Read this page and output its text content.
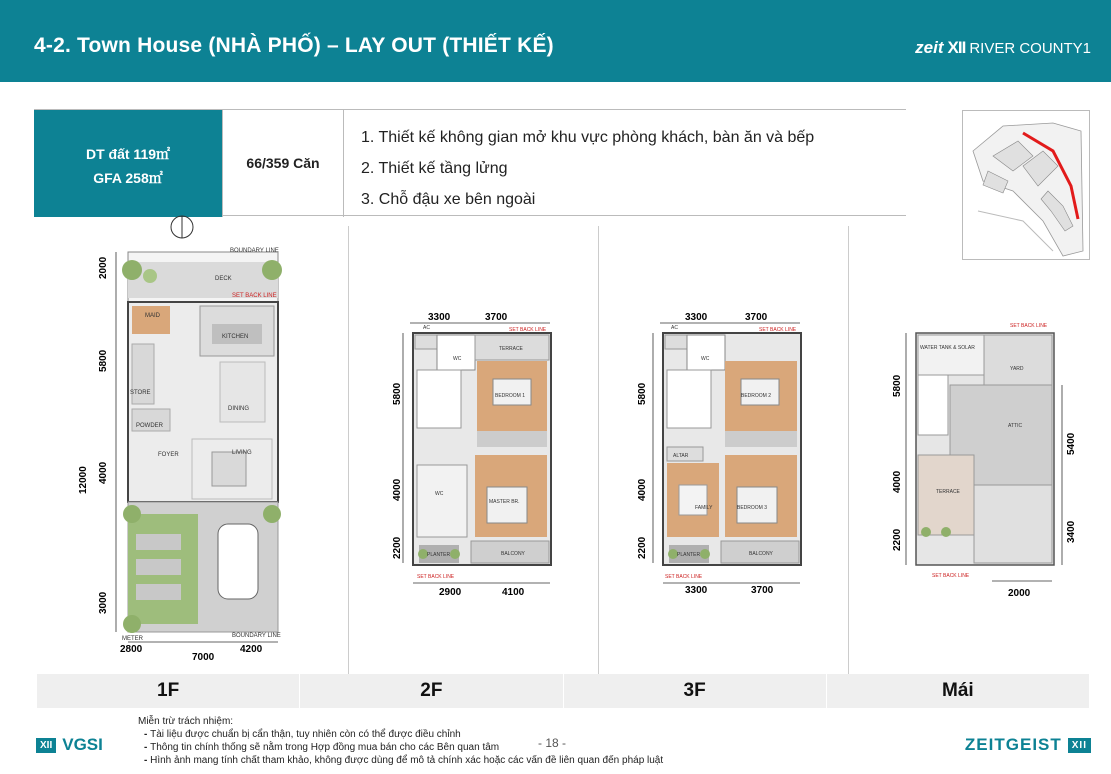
4-2. Town House (NHÀ PHỐ) – LAY OUT (THIẾT KẾ)	zeit XII RIVER COUNTY1
DT đất 119㎡
GFA 258㎡
66/359 Căn
1. Thiết kế không gian mở khu vực phòng khách, bàn ăn và bếp
2. Thiết kế tầng lửng
3. Chỗ đậu xe bên ngoài
BOUNDARY LINE
SET BACK LINE
METER	BOUNDARY LINE
DECK
MAID
KITCHEN
STORE
DINING
POWDER
FOYER	LIVING
2000
5800
12000 4000
3000
2800
7000
4200
3300	3700
SET BACK LINE
AC
WC
TERRACE
BEDROOM 1
WC
MASTER BR.
PLANTER	BALCONY
SET BACK LINE
5800
4000
2200
2900	4100
3300	3700
SET BACK LINE
AC
WC
BEDROOM 2
ALTAR
FAMILY	BEDROOM 3
PLANTER	BALCONY
SET BACK LINE
5800
4000
2200
3300	3700
SET BACK LINE
WATER TANK & SOLAR
YARD
ATTIC
TERRACE
SET BACK LINE
5800
4000
2200
5400
3400
2000
1F	2F	3F	Mái
XII VGSI
Miễn trừ trách nhiệm:
- Tài liệu được chuẩn bị cẩn thận, tuy nhiên còn có thể được điều chỉnh
- Thông tin chính thống sẽ nằm trong Hợp đồng mua bán cho các Bên quan tâm
- Hình ảnh mang tính chất tham khảo, không được dùng để mô tả chính xác hoặc các vấn đề liên quan đến pháp luật
- 18 -	ZEITGEIST	XII
